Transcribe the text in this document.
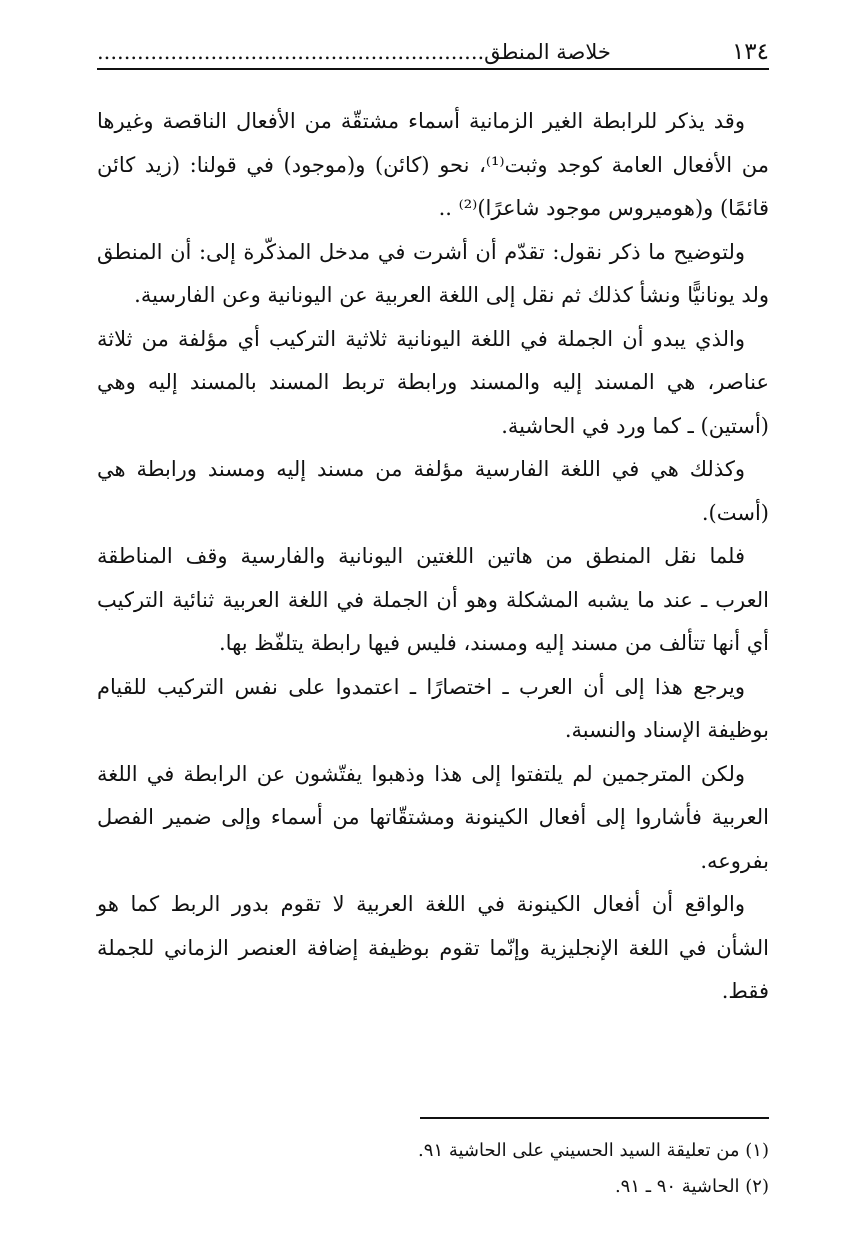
١٣٤
خلاصة المنطق..........................................................

وقد يذكر للرابطة الغير الزمانية أسماء مشتقّة من الأفعال الناقصة وغيرها من الأفعال العامة كوجد وثبت⁽¹⁾، نحو (كائن) و(موجود) في قولنا: (زيد كائن قائمًا) و(هوميروس موجود شاعرًا)⁽²⁾ ..

ولتوضيح ما ذكر نقول: تقدّم أن أشرت في مدخل المذكّرة إلى: أن المنطق ولد يونانيًّا ونشأ كذلك ثم نقل إلى اللغة العربية عن اليونانية وعن الفارسية.

والذي يبدو أن الجملة في اللغة اليونانية ثلاثية التركيب أي مؤلفة من ثلاثة عناصر، هي المسند إليه والمسند ورابطة تربط المسند بالمسند إليه وهي (أستين) ـ كما ورد في الحاشية.

وكذلك هي في اللغة الفارسية مؤلفة من مسند إليه ومسند ورابطة هي (أست).

فلما نقل المنطق من هاتين اللغتين اليونانية والفارسية وقف المناطقة العرب ـ عند ما يشبه المشكلة وهو أن الجملة في اللغة العربية ثنائية التركيب أي أنها تتألف من مسند إليه ومسند، فليس فيها رابطة يتلفّظ بها.

ويرجع هذا إلى أن العرب ـ اختصارًا ـ اعتمدوا على نفس التركيب للقيام بوظيفة الإسناد والنسبة.

ولكن المترجمين لم يلتفتوا إلى هذا وذهبوا يفتّشون عن الرابطة في اللغة العربية فأشاروا إلى أفعال الكينونة ومشتقّاتها من أسماء وإلى ضمير الفصل بفروعه.

والواقع أن أفعال الكينونة في اللغة العربية لا تقوم بدور الربط كما هو الشأن في اللغة الإنجليزية وإنّما تقوم بوظيفة إضافة العنصر الزماني للجملة فقط.

(١) من تعليقة السيد الحسيني على الحاشية ٩١.

(٢) الحاشية ٩٠ ـ ٩١.
